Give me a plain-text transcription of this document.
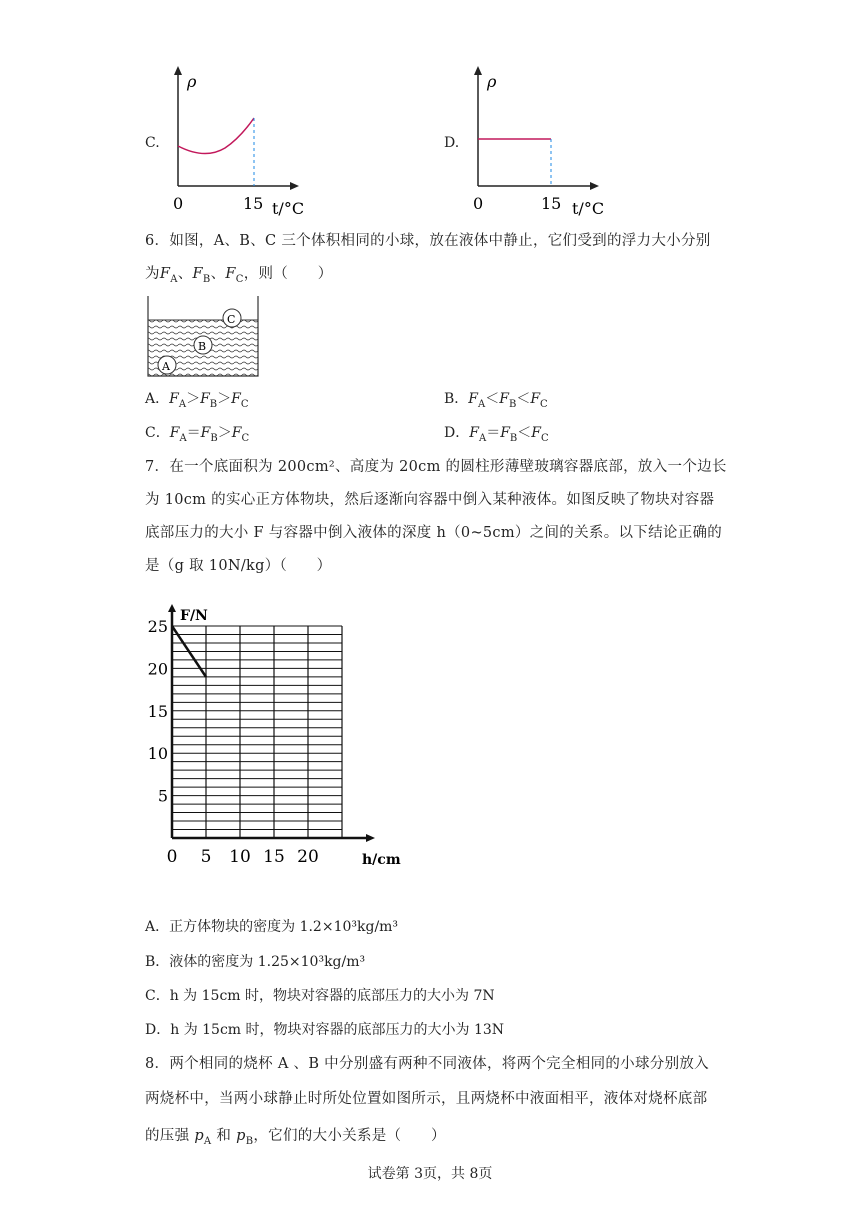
C.
ρ
0	15 t/°C
D.
ρ
0	15 t/°C
6．如图，A、B、C 三个体积相同的小球，放在液体中静止，它们受到的浮力大小分别
为$F_A$、$F_B$、$F_C$，则（　　）
C
B
A
A．$F_A>F_B>F_C$	B．$F_A<F_B<F_C$
C．$F_A=F_B>F_C$	D．$F_A=F_B<F_C$
7．在一个底面积为 200cm²、高度为 20cm 的圆柱形薄壁玻璃容器底部，放入一个边长
为 10cm 的实心正方体物块，然后逐渐向容器中倒入某种液体。如图反映了物块对容器
底部压力的大小 F 与容器中倒入液体的深度 h（0~5cm）之间的关系。以下结论正确的
是（g 取 10N/kg）（　　）
0 5 10 15 20
5
10
15
20
25
F/N
h/cm
A．正方体物块的密度为 1.2×10³kg/m³
B．液体的密度为 1.25×10³kg/m³
C．h 为 15cm 时，物块对容器的底部压力的大小为 7N
D．h 为 15cm 时，物块对容器的底部压力的大小为 13N
8．两个相同的烧杯 A 、B 中分别盛有两种不同液体，将两个完全相同的小球分别放入
两烧杯中，当两小球静止时所处位置如图所示，且两烧杯中液面相平，液体对烧杯底部
的压强 $p_A$ 和 $p_B$，它们的大小关系是（　　）
试卷第 3页，共 8页
